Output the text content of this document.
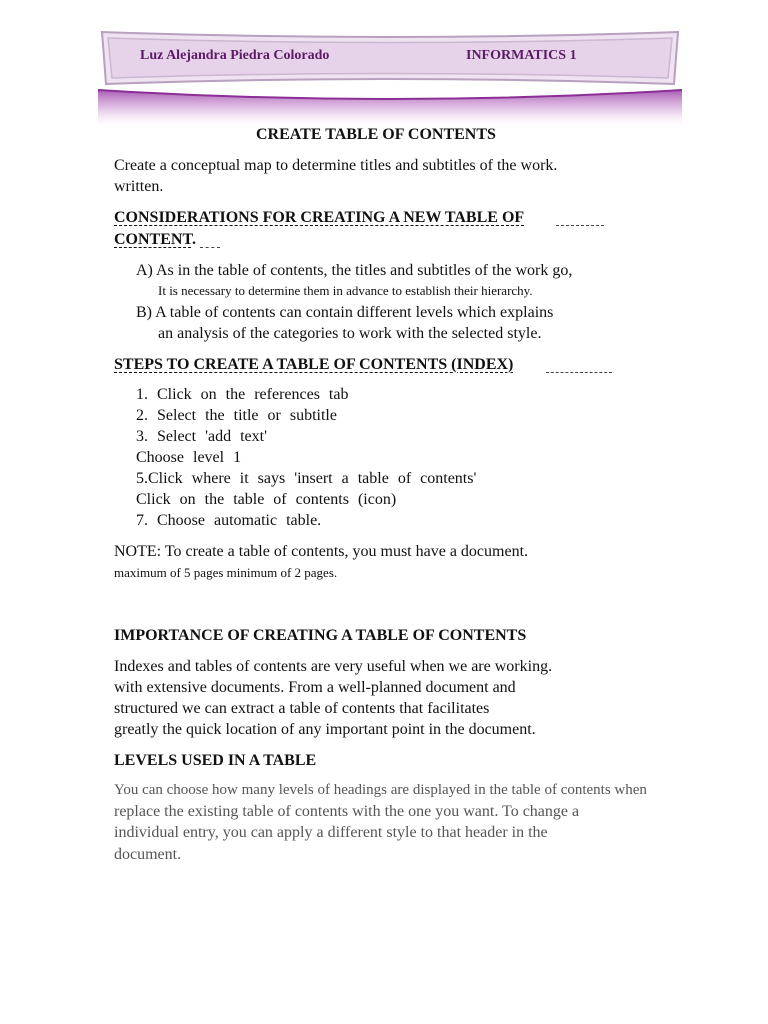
Luz Alejandra Piedra Colorado	INFORMATICS 1
CREATE TABLE OF CONTENTS
Create a conceptual map to determine titles and subtitles of the work.
written.
CONSIDERATIONS FOR CREATING A NEW TABLE OF
CONTENT.
A) As in the table of contents, the titles and subtitles of the work go,
It is necessary to determine them in advance to establish their hierarchy.
B) A table of contents can contain different levels which explains
an analysis of the categories to work with the selected style.
STEPS TO CREATE A TABLE OF CONTENTS (INDEX)
1. Click on the references tab
2. Select the title or subtitle
3. Select 'add text'
Choose level 1
5.Click where it says 'insert a table of contents'
Click on the table of contents (icon)
7. Choose automatic table.
NOTE: To create a table of contents, you must have a document.
maximum of 5 pages minimum of 2 pages.
IMPORTANCE OF CREATING A TABLE OF CONTENTS
Indexes and tables of contents are very useful when we are working.
with extensive documents. From a well-planned document and
structured we can extract a table of contents that facilitates
greatly the quick location of any important point in the document.
LEVELS USED IN A TABLE
You can choose how many levels of headings are displayed in the table of contents when
replace the existing table of contents with the one you want. To change a
individual entry, you can apply a different style to that header in the
document.
